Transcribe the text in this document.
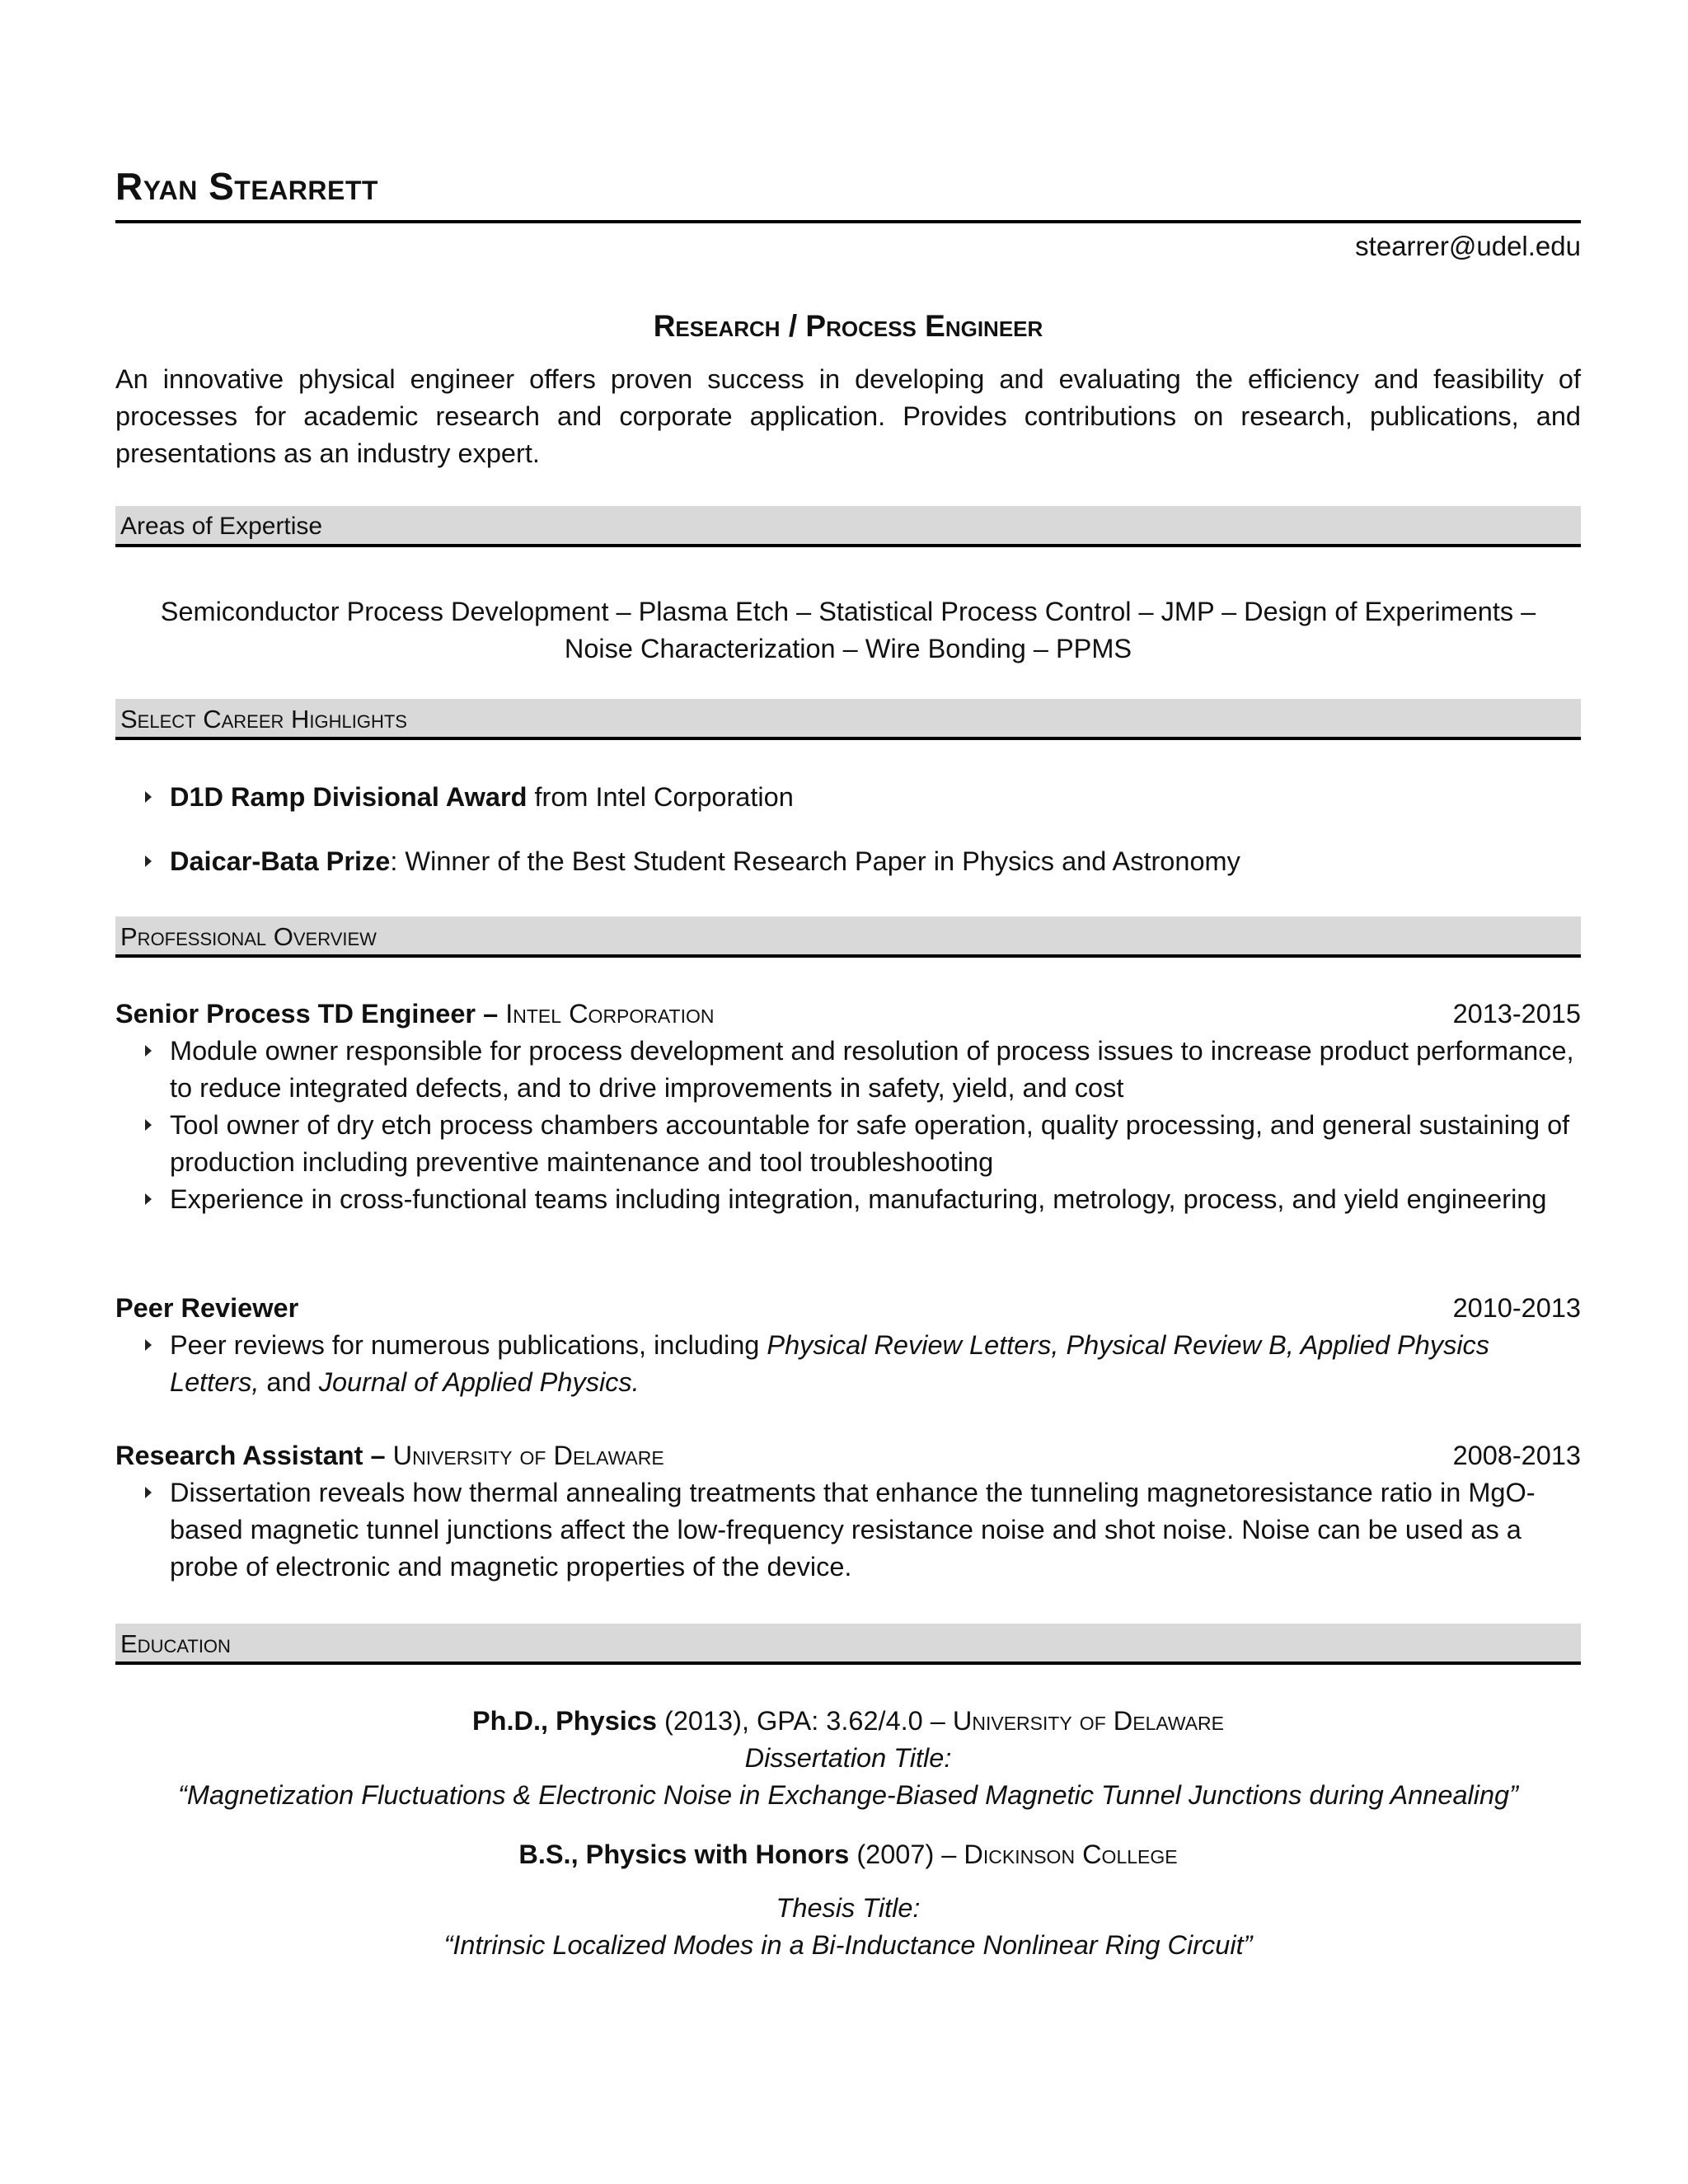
Ryan Stearrett
stearrer@udel.edu
Research / Process Engineer

An innovative physical engineer offers proven success in developing and evaluating the efficiency and feasibility of processes for academic research and corporate application. Provides contributions on research, publications, and presentations as an industry expert.

Areas of Expertise
Semiconductor Process Development – Plasma Etch – Statistical Process Control – JMP – Design of Experiments –
Noise Characterization – Wire Bonding – PPMS
Select Career Highlights
D1D Ramp Divisional Award from Intel Corporation
Daicar-Bata Prize: Winner of the Best Student Research Paper in Physics and Astronomy
Professional Overview
Senior Process TD Engineer – Intel Corporation	2013-2015
Module owner responsible for process development and resolution of process issues to increase product performance, to reduce integrated defects, and to drive improvements in safety, yield, and cost
Tool owner of dry etch process chambers accountable for safe operation, quality processing, and general sustaining of production including preventive maintenance and tool troubleshooting
Experience in cross-functional teams including integration, manufacturing, metrology, process, and yield engineering
Peer Reviewer	2010-2013
Peer reviews for numerous publications, including Physical Review Letters, Physical Review B, Applied Physics Letters, and Journal of Applied Physics.
Research Assistant – University of Delaware	2008-2013
Dissertation reveals how thermal annealing treatments that enhance the tunneling magnetoresistance ratio in MgO-based magnetic tunnel junctions affect the low-frequency resistance noise and shot noise. Noise can be used as a probe of electronic and magnetic properties of the device.
Education
Ph.D., Physics (2013), GPA: 3.62/4.0 – University of Delaware
Dissertation Title:
“Magnetization Fluctuations & Electronic Noise in Exchange-Biased Magnetic Tunnel Junctions during Annealing”
B.S., Physics with Honors (2007) – Dickinson College
Thesis Title:
“Intrinsic Localized Modes in a Bi-Inductance Nonlinear Ring Circuit”
